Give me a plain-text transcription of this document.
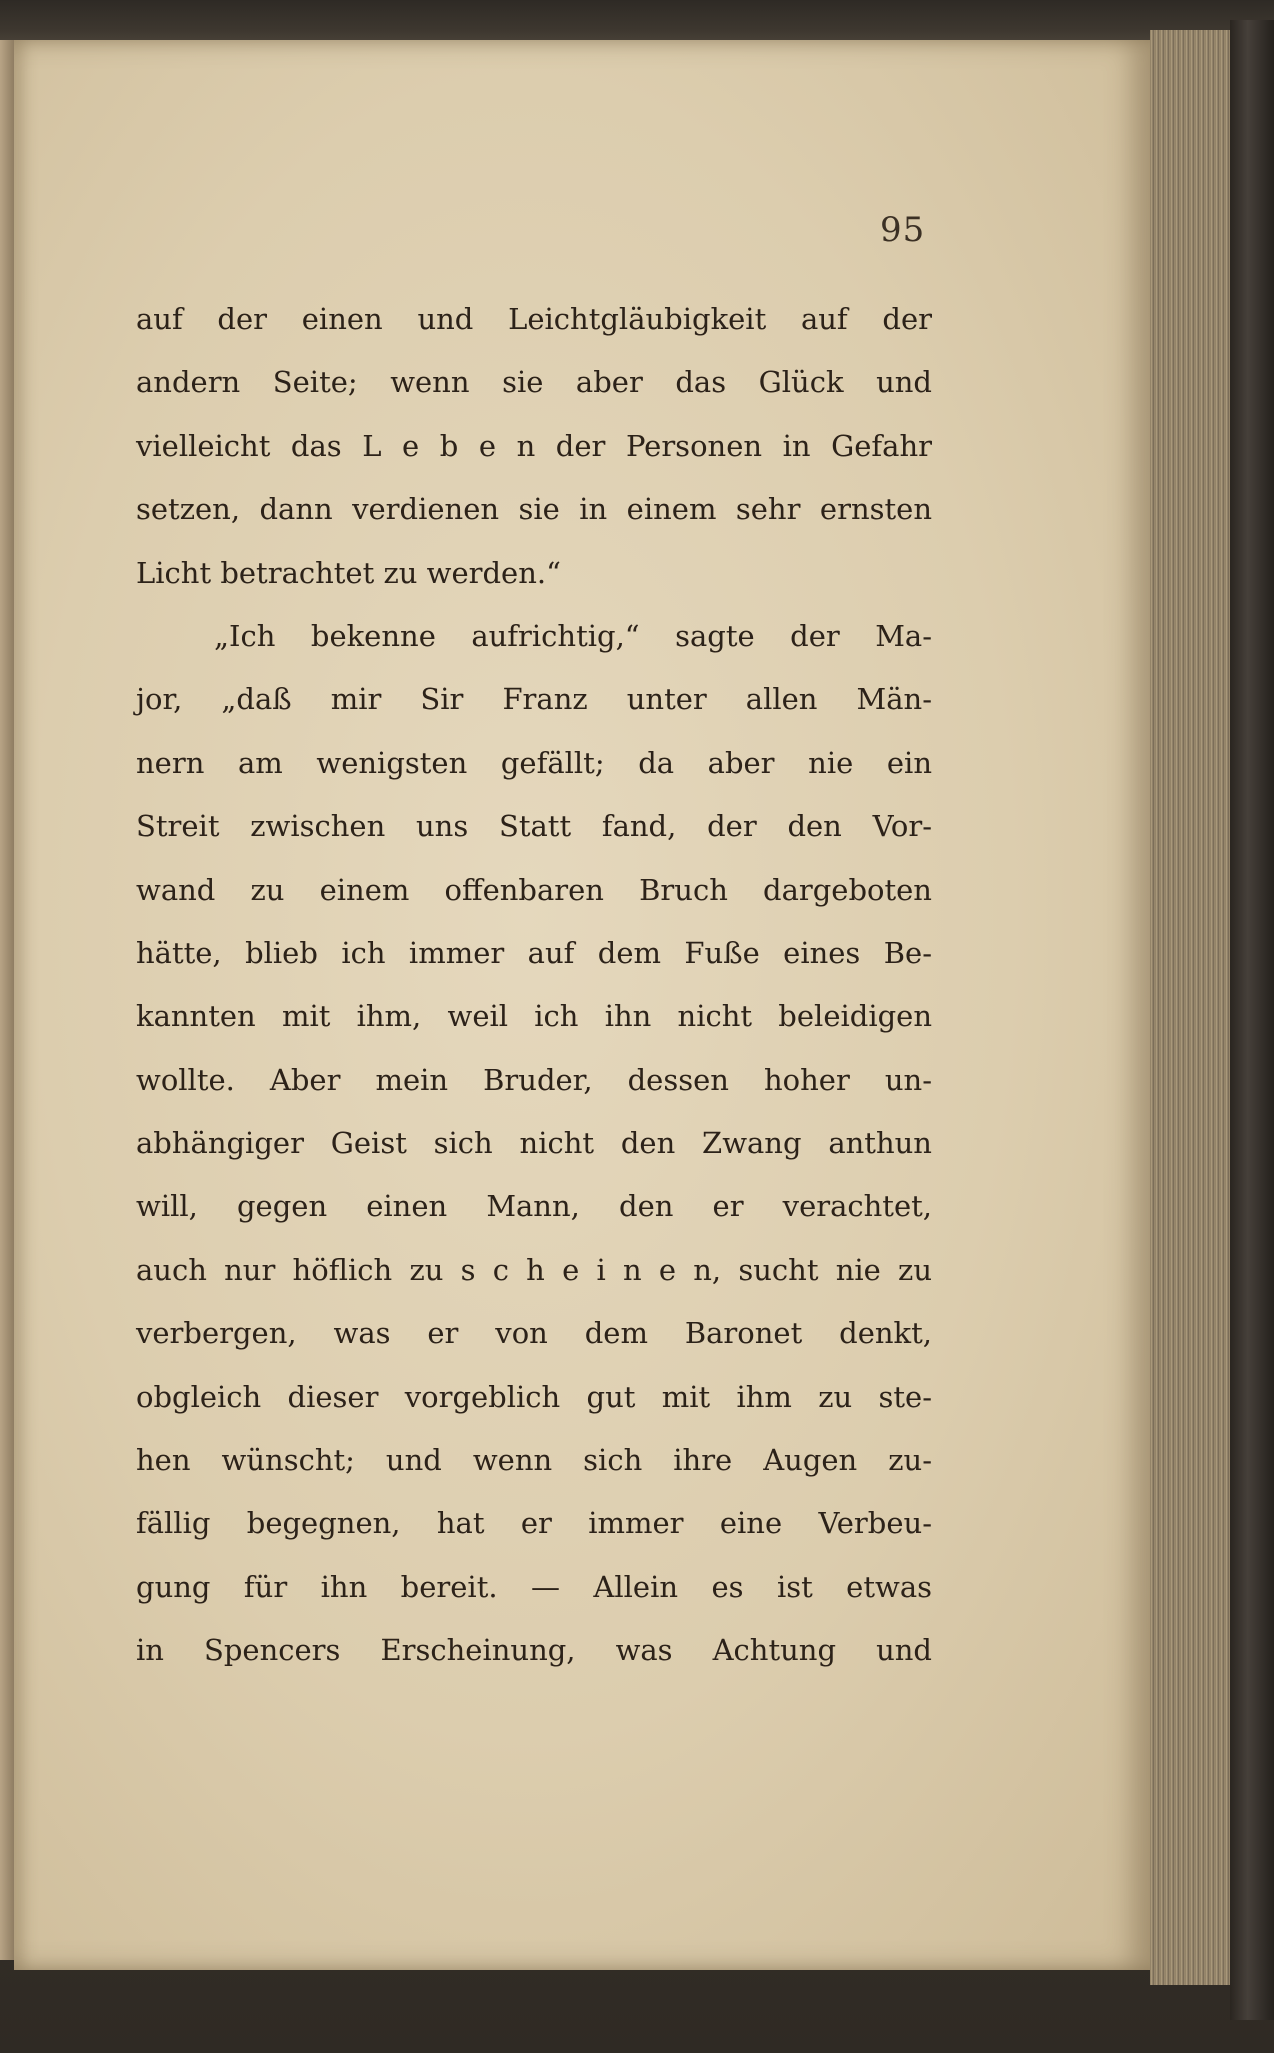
95
auf der einen und Leichtgläubigkeit auf der
andern Seite; wenn sie aber das Glück und
vielleicht das L e b e n der Personen in Gefahr
setzen, dann verdienen sie in einem sehr ernsten
Licht betrachtet zu werden.“
„Ich bekenne aufrichtig,“ sagte der Ma-
jor, „daß mir Sir Franz unter allen Män-
nern am wenigsten gefällt; da aber nie ein
Streit zwischen uns Statt fand, der den Vor-
wand zu einem offenbaren Bruch dargeboten
hätte, blieb ich immer auf dem Fuße eines Be-
kannten mit ihm, weil ich ihn nicht beleidigen
wollte. Aber mein Bruder, dessen hoher un-
abhängiger Geist sich nicht den Zwang anthun
will, gegen einen Mann, den er verachtet,
auch nur höflich zu s c h e i n e n, sucht nie zu
verbergen, was er von dem Baronet denkt,
obgleich dieser vorgeblich gut mit ihm zu ste-
hen wünscht; und wenn sich ihre Augen zu-
fällig begegnen, hat er immer eine Verbeu-
gung für ihn bereit. — Allein es ist etwas
in Spencers Erscheinung, was Achtung und
